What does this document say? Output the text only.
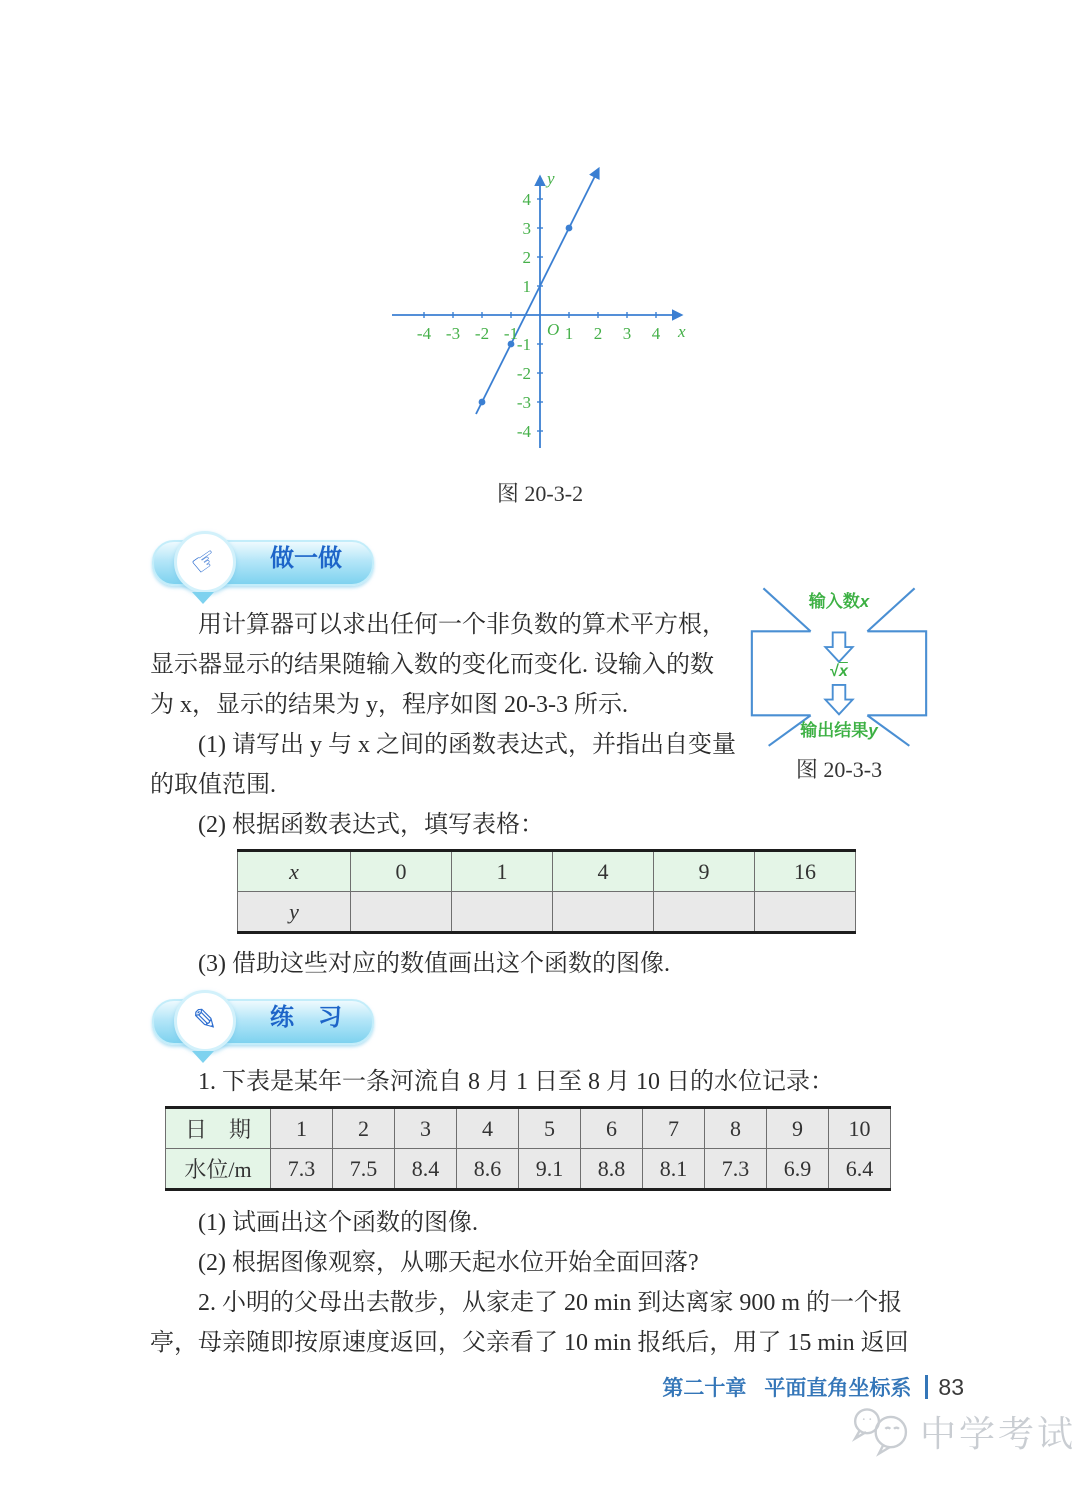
-4 -3 -2 -1	1 2 3 4
4
3
2
1
-1
-2
-3
-4
O	x
y
图 20-3-2
输入数x
√x
输出结果y
图 20-3-3
做一做
☞

用计算器可以求出任何一个非负数的算术平方根，显示器显示的结果随输入数的变化而变化. 设输入的数为 x，显示的结果为 y，程序如图 20-3-3 所示.

(1) 请写出 y 与 x 之间的函数表达式，并指出自变量的取值范围.

(2) 根据函数表达式，填写表格：

x	0	1	4	9	16
y					

(3) 借助这些对应的数值画出这个函数的图像.

练　习
✎

1. 下表是某年一条河流自 8 月 1 日至 8 月 10 日的水位记录：

日　期	1	2	3	4	5	6	7	8	9	10
水位/m	7.3	7.5	8.4	8.6	9.1	8.8	8.1	7.3	6.9	6.4

(1) 试画出这个函数的图像.

(2) 根据图像观察，从哪天起水位开始全面回落?

2. 小明的父母出去散步，从家走了 20 min 到达离家 900 m 的一个报亭，母亲随即按原速度返回，父亲看了 10 min 报纸后，用了 15 min 返回

第二十章 平面直角坐标系 83
中学考试
